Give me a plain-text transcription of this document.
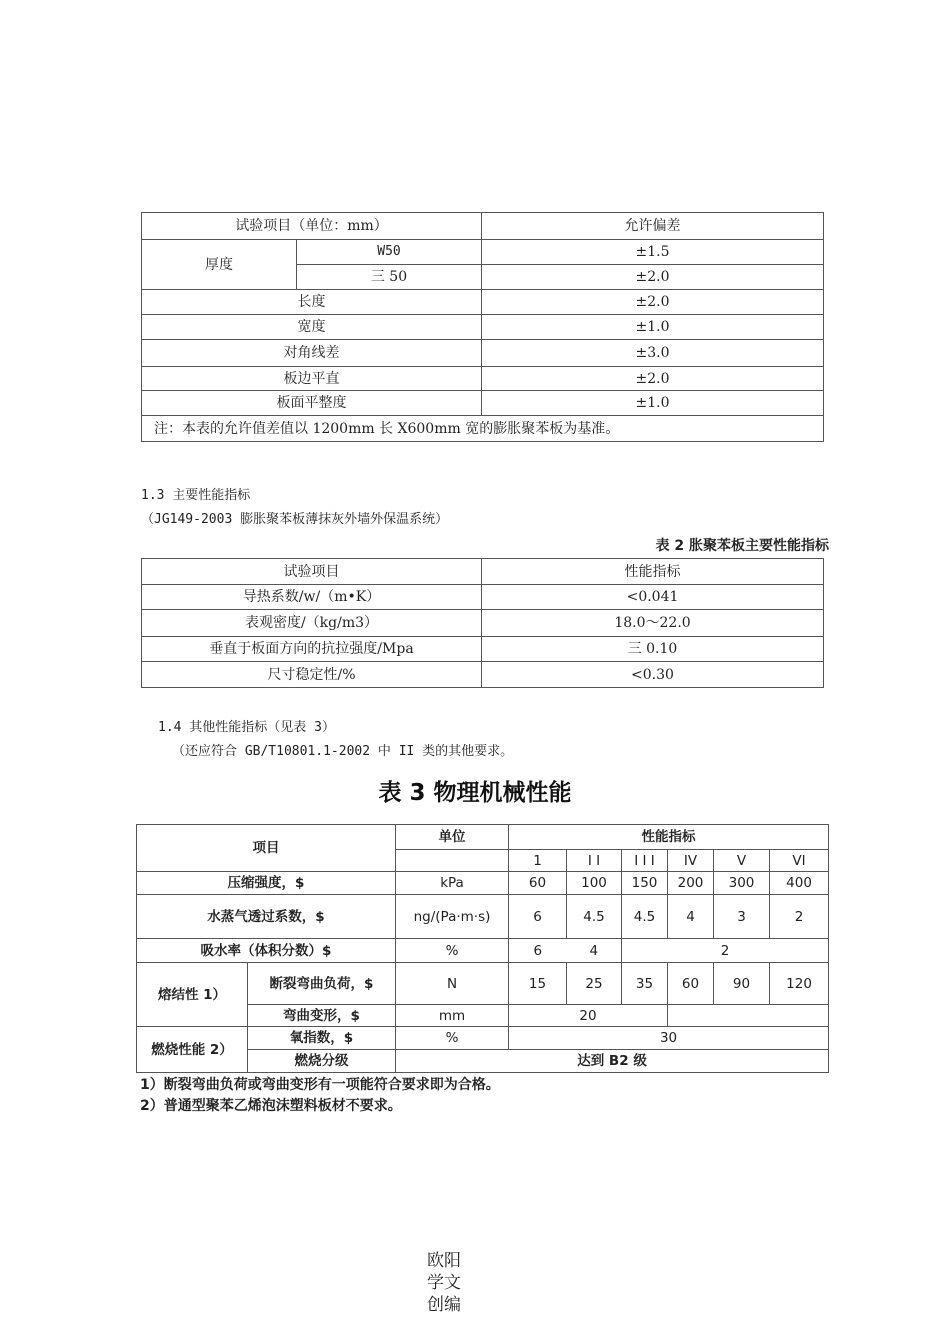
试验项目（单位：mm）		允许偏差
厚度	W50	±1.5
	三 50	±2.0
长度		±2.0
宽度		±1.0
对角线差		±3.0
板边平直		±2.0
板面平整度		±1.0
注：本表的允许值差值以 1200mm 长 X600mm 宽的膨胀聚苯板为基准。		
1.3 主要性能指标
（JG149-2003 膨胀聚苯板薄抹灰外墙外保温系统）
表 2 胀聚苯板主要性能指标
试验项目	性能指标
导热系数/w/（m•K）	<0.041
表观密度/（kg/m3）	18.0〜22.0
垂直于板面方向的抗拉强度/Mpa	三 0.10
尺寸稳定性/%	<0.30
1.4 其他性能指标（见表 3）
（还应符合 GB/T10801.1-2002 中 II 类的其他要求。
表 3 物理机械性能
项目		单位	性能指标					
			1	I I	I I I	IV	V	VI
压缩强度，$		kPa	60	100	150	200	300	400
水蒸气透过系数，$		ng/(Pa·m·s)	6	4.5	4.5	4	3	2
吸水率（体积分数）$		%	6	4	2			
熔结性 1）	断裂弯曲负荷，$	N	15	25	35	60	90	120
	弯曲变形，$	mm	20					
燃烧性能 2）	氧指数，$	%	30					
	燃烧分级	达到 B2 级						
1）断裂弯曲负荷或弯曲变形有一项能符合要求即为合格。
2）普通型聚苯乙烯泡沫塑料板材不要求。
欧阳
学文
创编
